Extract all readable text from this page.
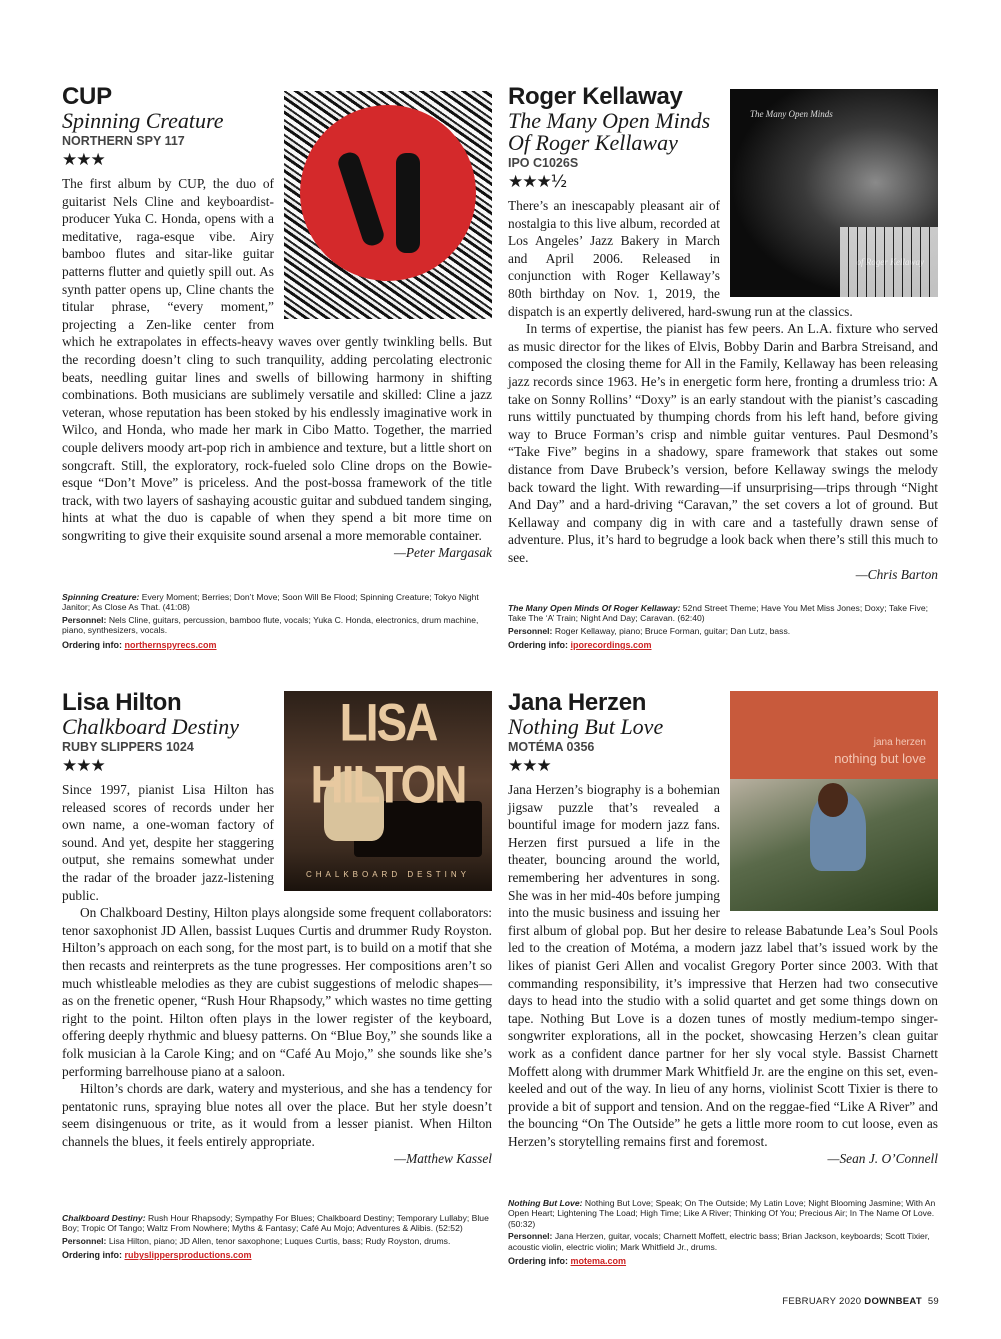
CUP
Spinning Creature
NORTHERN SPY 117
★★★

The first album by CUP, the duo of guitarist Nels Cline and keyboardist-producer Yuka C. Honda, opens with a meditative, raga-esque vibe. Airy bamboo flutes and sitar-like guitar patterns flutter and quietly spill out. As synth patter opens up, Cline chants the titular phrase, “every moment,” projecting a Zen-like center from which he extrapolates in effects-heavy waves over gently twinkling bells. But the recording doesn’t cling to such tranquility, adding percolating electronic beats, needling guitar lines and swells of billowing harmony in shifting combinations. Both musicians are sublimely versatile and skilled: Cline a jazz veteran, whose reputation has been stoked by his endlessly imaginative work in Wilco, and Honda, who made her mark in Cibo Matto. Together, the married couple delivers moody art-pop rich in ambience and texture, but a little short on songcraft. Still, the exploratory, rock-fueled solo Cline drops on the Bowie-esque “Don’t Move” is priceless. And the post-bossa framework of the title track, with two layers of sashaying acoustic guitar and subdued tandem singing, hints at what the duo is capable of when they spend a bit more time on songwriting to give their exquisite sound arsenal a more memorable container.

—Peter Margasak
Roger Kellaway
The Many Open Minds Of Roger Kellaway
IPO C1026S
★★★½
The Many Open Minds

There’s an inescapably pleasant air of nostalgia to this live album, recorded at Los Angeles’ Jazz Bakery in March and April 2006. Released in conjunction with Roger Kellaway’s 80th birthday on Nov. 1, 2019, the dispatch is an expertly delivered, hard-swung run at the classics.

In terms of expertise, the pianist has few peers. An L.A. fixture who served as music director for the likes of Elvis, Bobby Darin and Barbra Streisand, and composed the closing theme for All in the Family, Kellaway has been releasing jazz records since 1963. He’s in energetic form here, fronting a drumless trio: A take on Sonny Rollins’ “Doxy” is an early standout with the pianist’s cascading runs wittily punctuated by thumping chords from his left hand, before giving way to Bruce Forman’s crisp and nimble guitar ventures. Paul Desmond’s “Take Five” begins in a shadowy, spare framework that stakes out some distance from Dave Brubeck’s version, before Kellaway swings the melody back toward the light. With rewarding—if unsurprising—trips through “Night And Day” and a hard-driving “Caravan,” the set covers a lot of ground. But Kellaway and company dig in with care and a tastefully drawn sense of adventure. Plus, it’s hard to begrudge a look back when there’s still this much to see.

—Chris Barton
Lisa Hilton
Chalkboard Destiny
RUBY SLIPPERS 1024
★★★
LISA HILTON
CHALKBOARD DESTINY

Since 1997, pianist Lisa Hilton has released scores of records under her own name, a one-woman factory of sound. And yet, despite her staggering output, she remains somewhat under the radar of the broader jazz-listening public.

On Chalkboard Destiny, Hilton plays alongside some frequent collaborators: tenor saxophonist JD Allen, bassist Luques Curtis and drummer Rudy Royston. Hilton’s approach on each song, for the most part, is to build on a motif that she then recasts and reinterprets as the tune progresses. Her compositions aren’t so much whistleable melodies as they are cubist suggestions of melodic shapes—as on the frenetic opener, “Rush Hour Rhapsody,” which wastes no time getting right to the point. Hilton often plays in the lower register of the keyboard, offering deeply rhythmic and bluesy patterns. On “Blue Boy,” she sounds like a folk musician à la Carole King; and on “Café Au Mojo,” she sounds like she’s performing barrelhouse piano at a saloon.

Hilton’s chords are dark, watery and mysterious, and she has a tendency for pentatonic runs, spraying blue notes all over the place. But her style doesn’t seem disingenuous or trite, as it would from a lesser pianist. When Hilton channels the blues, it feels entirely appropriate.

—Matthew Kassel
Jana Herzen
Nothing But Love
MOTÉMA 0356
★★★
jana herzen
nothing but love

Jana Herzen’s biography is a bohemian jigsaw puzzle that’s revealed a bountiful image for modern jazz fans. Herzen first pursued a life in the theater, bouncing around the world, remembering her adventures in song. She was in her mid-40s before jumping into the music business and issuing her first album of global pop. But her desire to release Babatunde Lea’s Soul Pools led to the creation of Motéma, a modern jazz label that’s issued work by the likes of pianist Geri Allen and vocalist Gregory Porter since 2003. With that commanding responsibility, it’s impressive that Herzen had two consecutive days to head into the studio with a solid quartet and get some things down on tape. Nothing But Love is a dozen tunes of mostly medium-tempo singer-songwriter explorations, all in the pocket, showcasing Herzen’s clean guitar work as a confident dance partner for her sly vocal style. Bassist Charnett Moffett along with drummer Mark Whitfield Jr. are the engine on this set, even-keeled and out of the way. In lieu of any horns, violinist Scott Tixier is there to provide a bit of support and tension. And on the reggae-fied “Like A River” and the bouncing “On The Outside” he gets a little more room to cut loose, even as Herzen’s storytelling remains first and foremost.

—Sean J. O’Connell

Spinning Creature: Every Moment; Berries; Don’t Move; Soon Will Be Flood; Spinning Creature; Tokyo Night Janitor; As Close As That. (41:08)

Personnel: Nels Cline, guitars, percussion, bamboo flute, vocals; Yuka C. Honda, electronics, drum machine, piano, synthesizers, vocals.

Ordering info: northernspyrecs.com

The Many Open Minds Of Roger Kellaway: 52nd Street Theme; Have You Met Miss Jones; Doxy; Take Five; Take The ‘A’ Train; Night And Day; Caravan. (62:40)

Personnel: Roger Kellaway, piano; Bruce Forman, guitar; Dan Lutz, bass.

Ordering info: iporecordings.com

Chalkboard Destiny: Rush Hour Rhapsody; Sympathy For Blues; Chalkboard Destiny; Temporary Lullaby; Blue Boy; Tropic Of Tango; Waltz From Nowhere; Myths & Fantasy; Café Au Mojo; Adventures & Alibis. (52:52)

Personnel: Lisa Hilton, piano; JD Allen, tenor saxophone; Luques Curtis, bass; Rudy Royston, drums.

Ordering info: rubyslippersproductions.com

Nothing But Love: Nothing But Love; Speak; On The Outside; My Latin Love; Night Blooming Jasmine; With An Open Heart; Lightening The Load; High Time; Like A River; Thinking Of You; Precious Air; In The Name Of Love. (50:32)

Personnel: Jana Herzen, guitar, vocals; Charnett Moffett, electric bass; Brian Jackson, keyboards; Scott Tixier, acoustic violin, electric violin; Mark Whitfield Jr., drums.

Ordering info: motema.com

FEBRUARY 2020 DOWNBEAT 59
